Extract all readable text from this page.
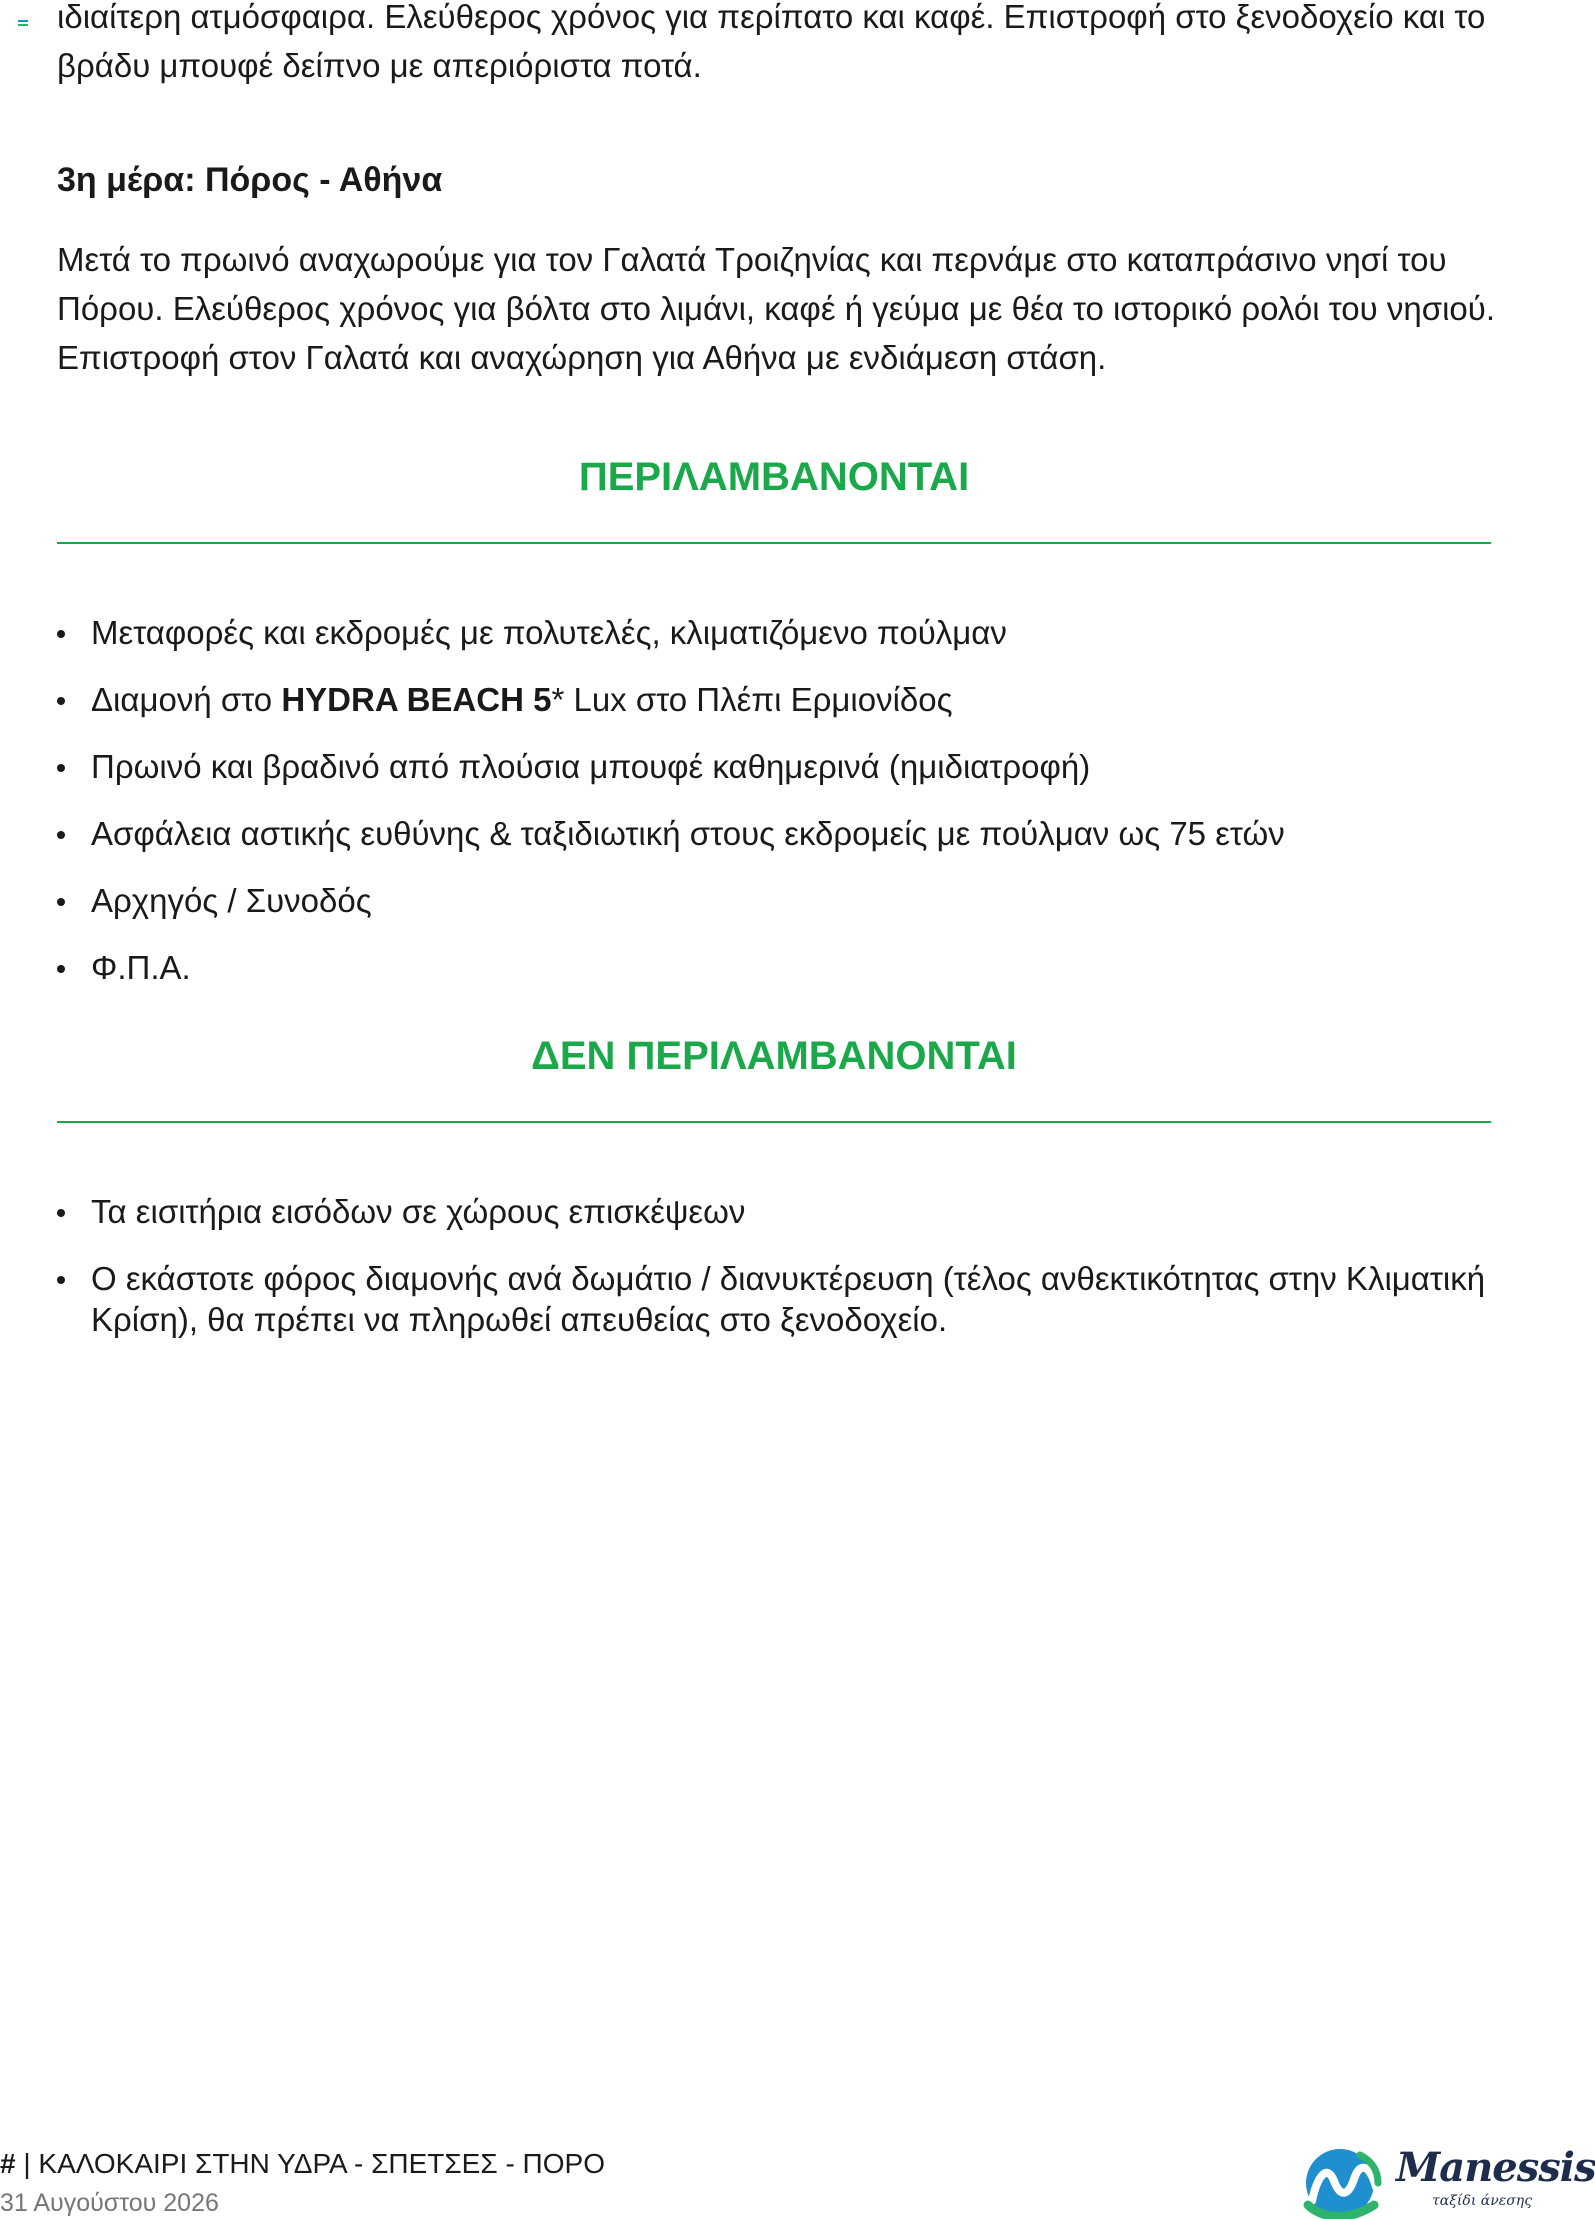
ιδιαίτερη ατμόσφαιρα. Ελεύθερος χρόνος για περίπατο και καφέ. Επιστροφή στο ξενοδοχείο και το βράδυ μπουφέ δείπνο με απεριόριστα ποτά.

3η μέρα: Πόρος - Αθήνα

Μετά το πρωινό αναχωρούμε για τον Γαλατά Τροιζηνίας και περνάμε στο καταπράσινο νησί του Πόρου. Ελεύθερος χρόνος για βόλτα στο λιμάνι, καφέ ή γεύμα με θέα το ιστορικό ρολόι του νησιού. Επιστροφή στον Γαλατά και αναχώρηση για Αθήνα με ενδιάμεση στάση.

ΠΕΡΙΛΑΜΒΑΝΟΝΤΑΙ
Μεταφορές και εκδρομές με πολυτελές, κλιματιζόμενο πούλμαν
Διαμονή στο HYDRA BEACH 5* Lux στο Πλέπι Ερμιονίδος
Πρωινό και βραδινό από πλούσια μπουφέ καθημερινά (ημιδιατροφή)
Ασφάλεια αστικής ευθύνης & ταξιδιωτική στους εκδρομείς με πούλμαν ως 75 ετών
Αρχηγός / Συνοδός
Φ.Π.Α.
ΔΕΝ ΠΕΡΙΛΑΜΒΑΝΟΝΤΑΙ
Τα εισιτήρια εισόδων σε χώρους επισκέψεων
Ο εκάστοτε φόρος διαμονής ανά δωμάτιο / διανυκτέρευση (τέλος ανθεκτικότητας στην Κλιματική Κρίση), θα πρέπει να πληρωθεί απευθείας στο ξενοδοχείο.
# | ΚΑΛΟΚΑΙΡΙ ΣΤΗΝ ΥΔΡΑ - ΣΠΕΤΣΕΣ - ΠΟΡΟ
31 Αυγούστου 2026
Manessis
ταξίδι άνεσης
